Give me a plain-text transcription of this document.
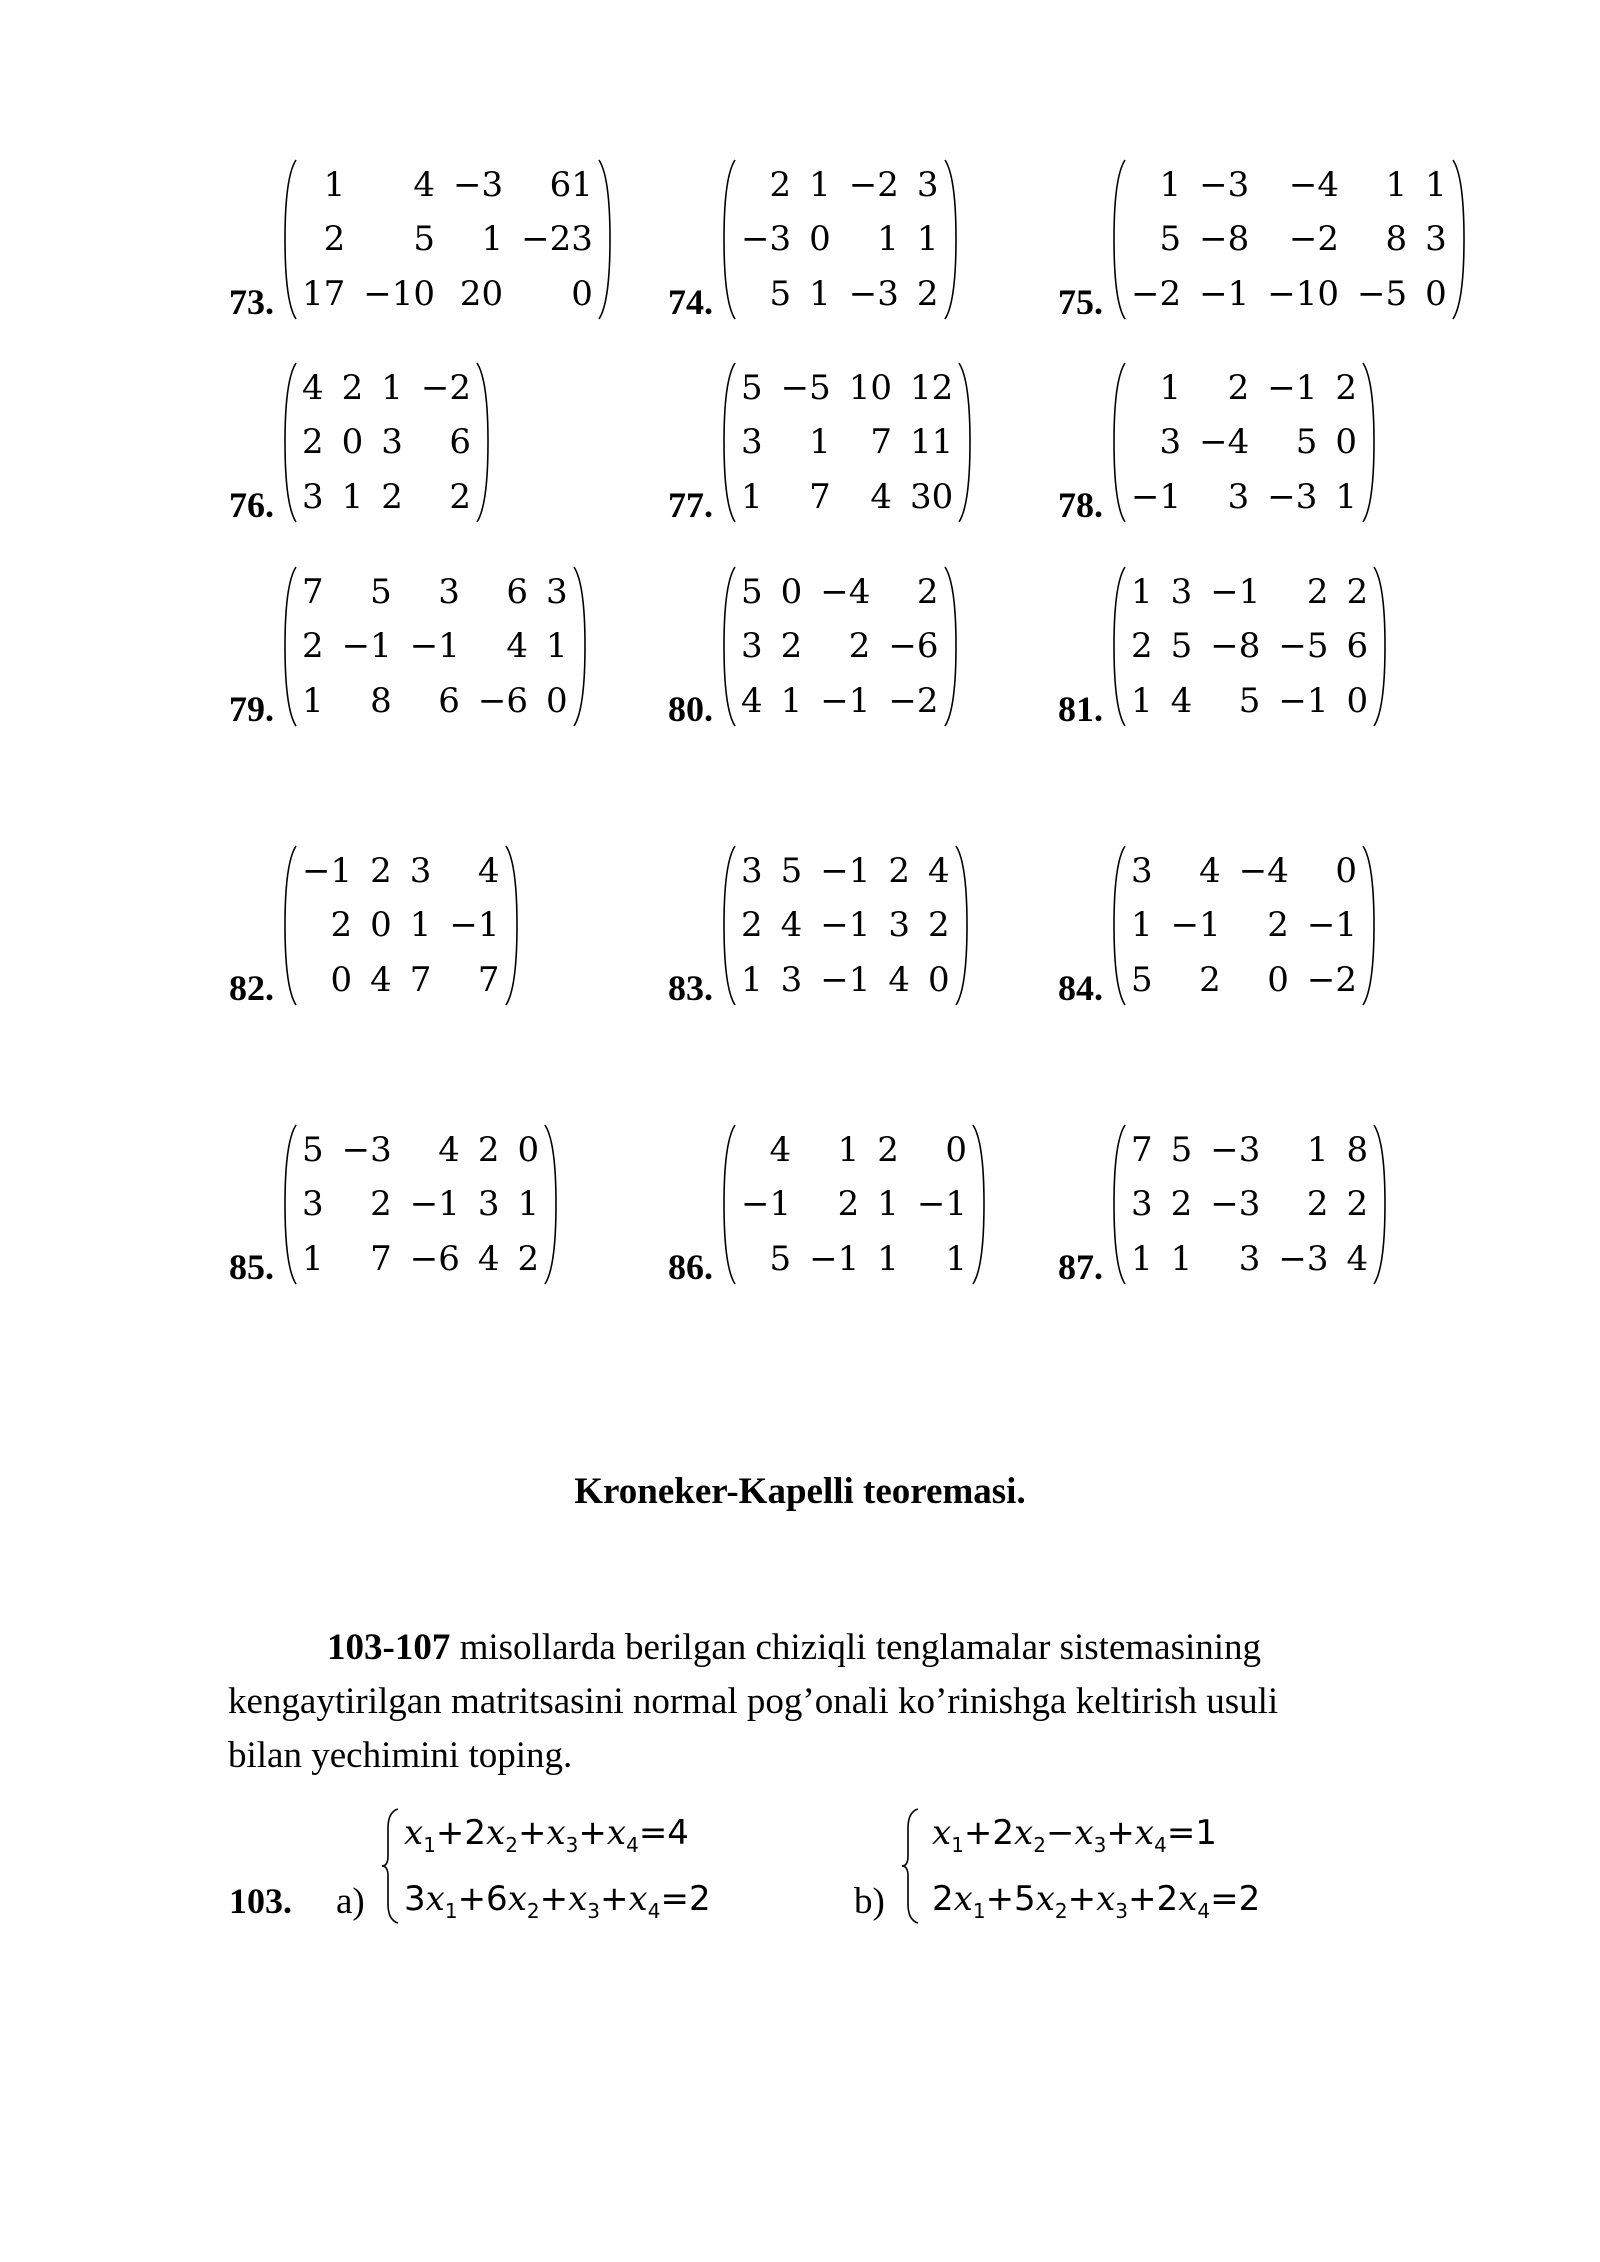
73.
1	4 −3	61
2	5	1 −23
17 −10 20	0 74.
2 1 −2 3
−3 0	1 1
5 1 −3 2	75.
1 −3	−4	1 1
5 −8	−2	8 3
−2 −1 −10 −5 0
76.
4 2 1 −2
2 0 3	6
3 1 2	2	77.
5 −5 10 12
3	1	7 11
1	7	4 30	78.
1	2 −1 2
3 −4	5 0
−1	3 −3 1
79.
7	5	3	6 3
2 −1 −1	4 1
1	8	6 −6 0	80.
5 0 −4	2
3 2	2 −6
4 1 −1 −2	81.
1 3 −1	2 2
2 5 −8 −5 6
1 4	5 −1 0
82.
−1 2 3	4
2 0 1 −1
0 4 7	7	83.
3 5 −1 2 4
2 4 −1 3 2
1 3 −1 4 0	84.
3	4 −4	0
1 −1	2 −1
5	2	0 −2
85.
5 −3	4 2 0
3	2 −1 3 1
1	7 −6 4 2	86.
4	1 2	0
−1	2 1 −1
5 −1 1	1	87.
7 5 −3	1 8
3 2 −3	2 2
1 1	3 −3 4
Kroneker-Kapelli teoremasi.
103-107 misollarda berilgan chiziqli tenglamalar sistemasining
kengaytirilgan matritsasini normal pog’onali ko’rinishga keltirish usuli
bilan yechimini toping.
103. a)	b)
$x_1+2x_2+x_3+x_4=4$
$3x_1+6x_2+x_3+x_4=2$
$x_1+2x_2-x_3+x_4=1$
$2x_1+5x_2+x_3+2x_4=2$
